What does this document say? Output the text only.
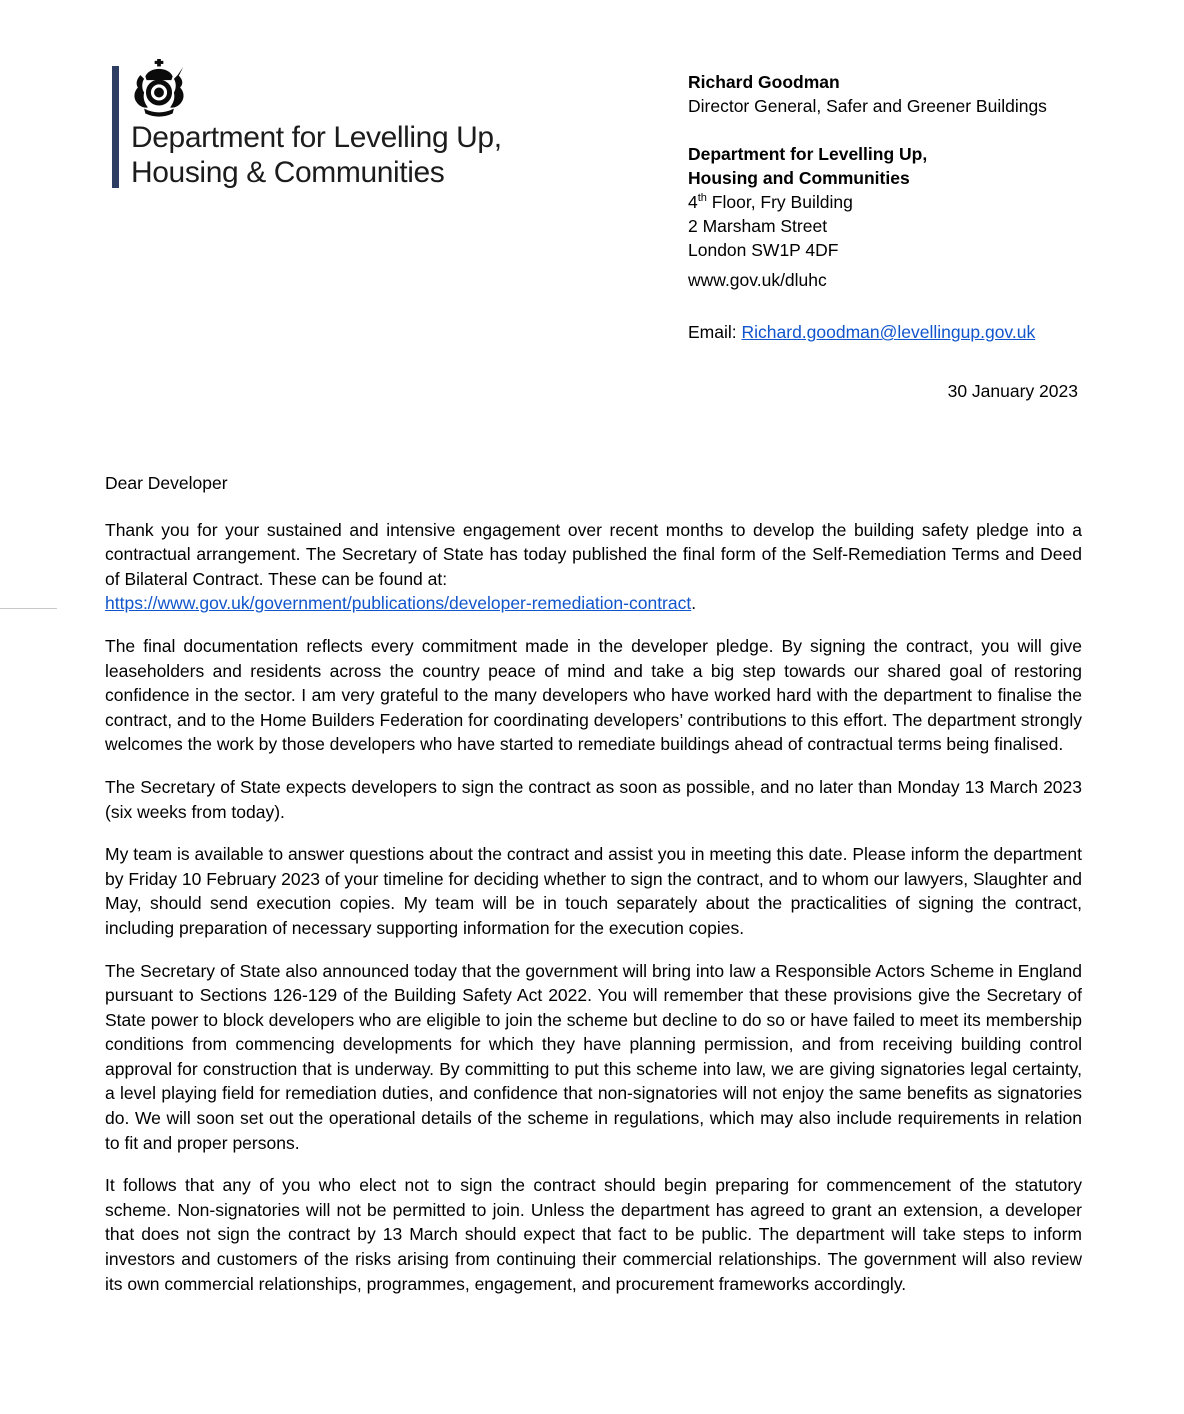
Department for Levelling Up,
Housing & Communities
Richard Goodman
Director General, Safer and Greener Buildings
Department for Levelling Up,
Housing and Communities
4th Floor, Fry Building
2 Marsham Street
London SW1P 4DF
www.gov.uk/dluhc
Email: Richard.goodman@levellingup.gov.uk
30 January 2023
Dear Developer

Thank you for your sustained and intensive engagement over recent months to develop the building safety pledge into a contractual arrangement. The Secretary of State has today published the final form of the Self-Remediation Terms and Deed of Bilateral Contract. These can be found at:
https://www.gov.uk/government/publications/developer-remediation-contract.

The final documentation reflects every commitment made in the developer pledge. By signing the contract, you will give leaseholders and residents across the country peace of mind and take a big step towards our shared goal of restoring confidence in the sector. I am very grateful to the many developers who have worked hard with the department to finalise the contract, and to the Home Builders Federation for coordinating developers’ contributions to this effort. The department strongly welcomes the work by those developers who have started to remediate buildings ahead of contractual terms being finalised.

The Secretary of State expects developers to sign the contract as soon as possible, and no later than Monday 13 March 2023 (six weeks from today).

My team is available to answer questions about the contract and assist you in meeting this date. Please inform the department by Friday 10 February 2023 of your timeline for deciding whether to sign the contract, and to whom our lawyers, Slaughter and May, should send execution copies. My team will be in touch separately about the practicalities of signing the contract, including preparation of necessary supporting information for the execution copies.

The Secretary of State also announced today that the government will bring into law a Responsible Actors Scheme in England pursuant to Sections 126-129 of the Building Safety Act 2022. You will remember that these provisions give the Secretary of State power to block developers who are eligible to join the scheme but decline to do so or have failed to meet its membership conditions from commencing developments for which they have planning permission, and from receiving building control approval for construction that is underway. By committing to put this scheme into law, we are giving signatories legal certainty, a level playing field for remediation duties, and confidence that non-signatories will not enjoy the same benefits as signatories do. We will soon set out the operational details of the scheme in regulations, which may also include requirements in relation to fit and proper persons.

It follows that any of you who elect not to sign the contract should begin preparing for commencement of the statutory scheme. Non-signatories will not be permitted to join. Unless the department has agreed to grant an extension, a developer that does not sign the contract by 13 March should expect that fact to be public. The department will take steps to inform investors and customers of the risks arising from continuing their commercial relationships. The government will also review its own commercial relationships, programmes, engagement, and procurement frameworks accordingly.
